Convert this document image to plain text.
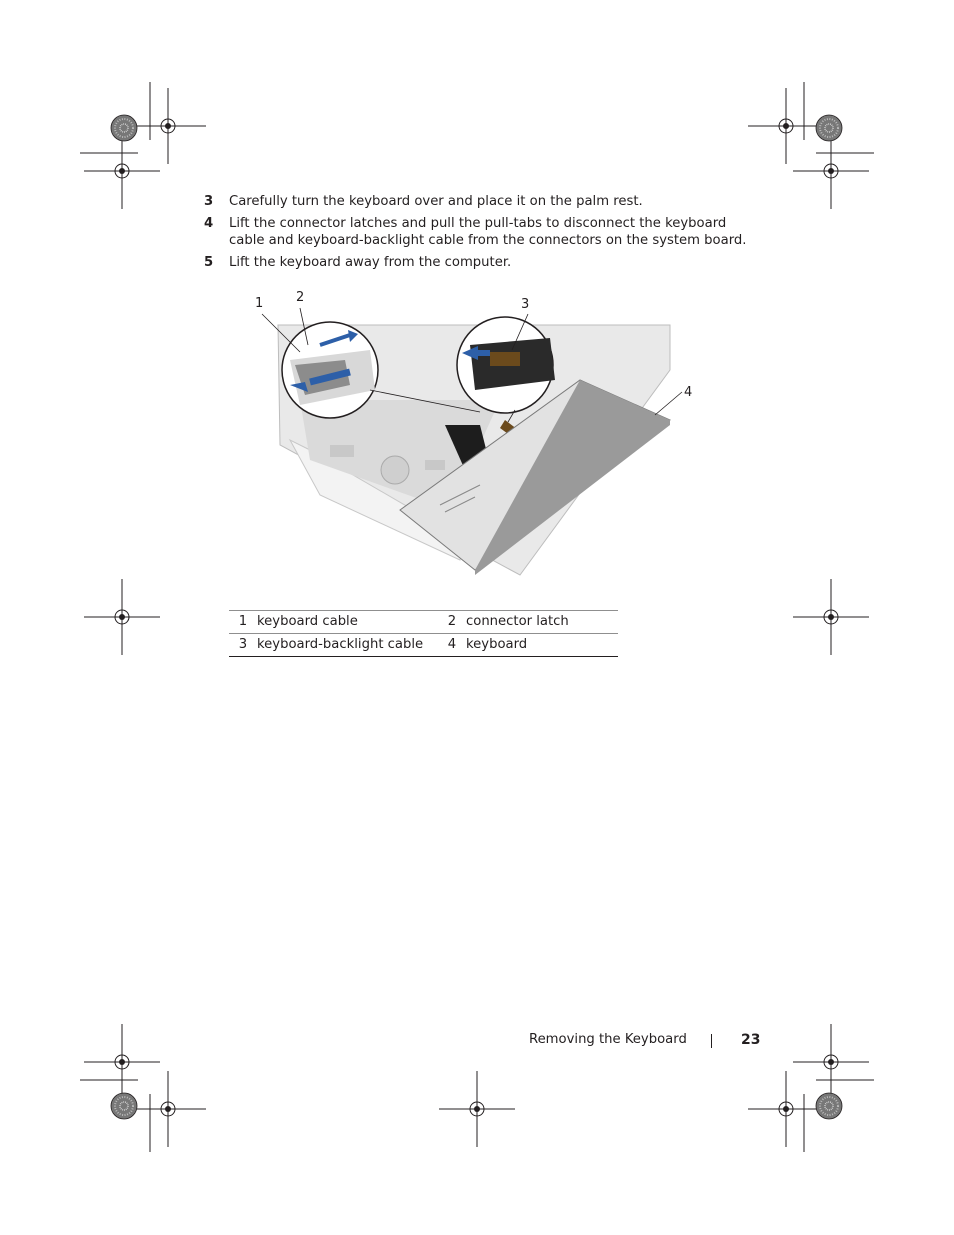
3 Carefully turn the keyboard over and place it on the palm rest.
4 Lift the connector latches and pull the pull-tabs to disconnect the keyboard cable and keyboard-backlight cable from the connectors on the system board.
5 Lift the keyboard away from the computer.
1	2	3
4
1	keyboard cable	2	connector latch
3	keyboard-backlight cable	4	keyboard
Removing the Keyboard	23
